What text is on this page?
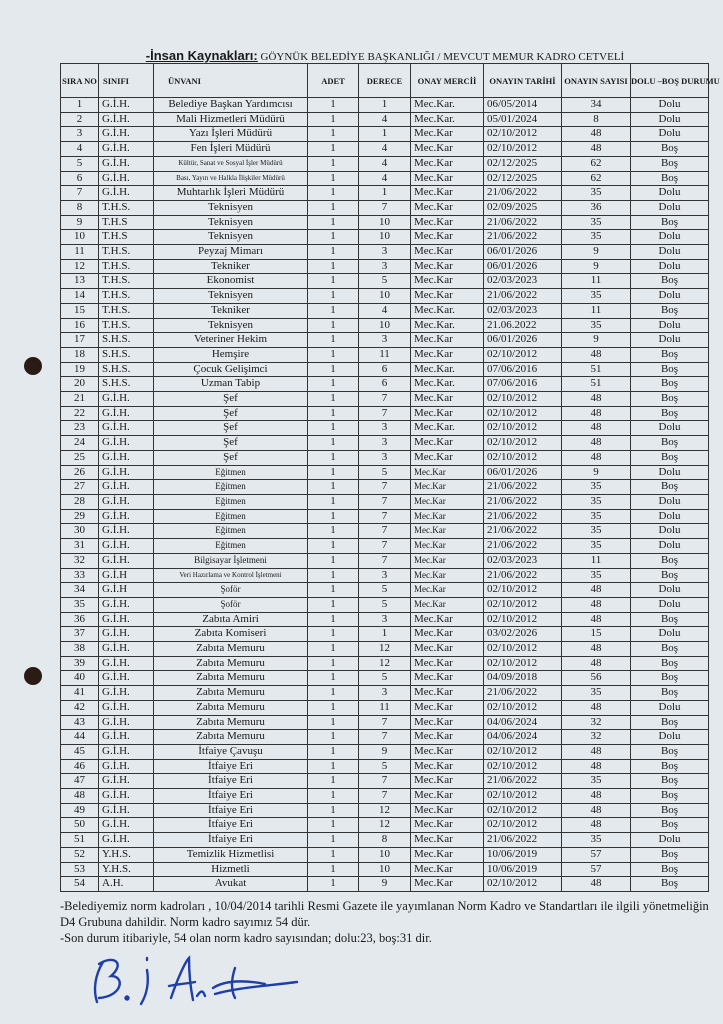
-İnsan Kaynakları: GÖYNÜK BELEDİYE BAŞKANLIĞI / MEVCUT MEMUR KADRO CETVELİ
SIRA NO	SINIFI	ÜNVANI	ADET	DERECE	ONAY MERCİİ	ONAYIN TARİHİ	ONAYIN SAYISI	DOLU –BOŞ DURUMU
1	G.İ.H.	Belediye Başkan Yardımcısı	1	1	Mec.Kar.	06/05/2014	34	Dolu
2	G.İ.H.	Mali Hizmetleri Müdürü	1	4	Mec.Kar.	05/01/2024	8	Dolu
3	G.İ.H.	Yazı İşleri Müdürü	1	1	Mec.Kar	02/10/2012	48	Dolu
4	G.İ.H.	Fen İşleri Müdürü	1	4	Mec.Kar	02/10/2012	48	Boş
5	G.İ.H.	Kültür, Sanat ve Sosyal İşler Müdürü	1	4	Mec.Kar	02/12/2025	62	Boş
6	G.İ.H.	Bası, Yayın ve Halkla İlişkiler Müdürü	1	4	Mec.Kar	02/12/2025	62	Boş
7	G.İ.H.	Muhtarlık İşleri Müdürü	1	1	Mec.Kar	21/06/2022	35	Dolu
8	T.H.S.	Teknisyen	1	7	Mec.Kar	02/09/2025	36	Dolu
9	T.H.S	Teknisyen	1	10	Mec.Kar	21/06/2022	35	Boş
10	T.H.S	Teknisyen	1	10	Mec.Kar	21/06/2022	35	Dolu
11	T.H.S.	Peyzaj Mimarı	1	3	Mec.Kar	06/01/2026	9	Dolu
12	T.H.S.	Tekniker	1	3	Mec.Kar	06/01/2026	9	Dolu
13	T.H.S.	Ekonomist	1	5	Mec.Kar	02/03/2023	11	Boş
14	T.H.S.	Teknisyen	1	10	Mec.Kar	21/06/2022	35	Dolu
15	T.H.S.	Tekniker	1	4	Mec.Kar.	02/03/2023	11	Boş
16	T.H.S.	Teknisyen	1	10	Mec.Kar.	21.06.2022	35	Dolu
17	S.H.S.	Veteriner Hekim	1	3	Mec.Kar	06/01/2026	9	Dolu
18	S.H.S.	Hemşire	1	11	Mec.Kar	02/10/2012	48	Boş
19	S.H.S.	Çocuk Gelişimci	1	6	Mec.Kar.	07/06/2016	51	Boş
20	S.H.S.	Uzman Tabip	1	6	Mec.Kar.	07/06/2016	51	Boş
21	G.İ.H.	Şef	1	7	Mec.Kar	02/10/2012	48	Boş
22	G.İ.H.	Şef	1	7	Mec.Kar	02/10/2012	48	Boş
23	G.İ.H.	Şef	1	3	Mec.Kar.	02/10/2012	48	Dolu
24	G.İ.H.	Şef	1	3	Mec.Kar	02/10/2012	48	Boş
25	G.İ.H.	Şef	1	3	Mec.Kar	02/10/2012	48	Boş
26	G.İ.H.	Eğitmen	1	5	Mec.Kar	06/01/2026	9	Dolu
27	G.İ.H.	Eğitmen	1	7	Mec.Kar	21/06/2022	35	Boş
28	G.İ.H.	Eğitmen	1	7	Mec.Kar	21/06/2022	35	Dolu
29	G.İ.H.	Eğitmen	1	7	Mec.Kar	21/06/2022	35	Dolu
30	G.İ.H.	Eğitmen	1	7	Mec.Kar	21/06/2022	35	Dolu
31	G.İ.H.	Eğitmen	1	7	Mec.Kar	21/06/2022	35	Dolu
32	G.İ.H.	Bilgisayar İşletmeni	1	7	Mec.Kar	02/03/2023	11	Boş
33	G.İ.H	Veri Hazırlama ve Kontrol İşletmeni	1	3	Mec.Kar	21/06/2022	35	Boş
34	G.İ.H	Şoför	1	5	Mec.Kar	02/10/2012	48	Dolu
35	G.İ.H.	Şoför	1	5	Mec.Kar	02/10/2012	48	Dolu
36	G.İ.H.	Zabıta Amiri	1	3	Mec.Kar	02/10/2012	48	Boş
37	G.İ.H.	Zabıta Komiseri	1	1	Mec.Kar	03/02/2026	15	Dolu
38	G.İ.H.	Zabıta Memuru	1	12	Mec.Kar	02/10/2012	48	Boş
39	G.İ.H.	Zabıta Memuru	1	12	Mec.Kar	02/10/2012	48	Boş
40	G.İ.H.	Zabıta Memuru	1	5	Mec.Kar	04/09/2018	56	Boş
41	G.İ.H.	Zabıta Memuru	1	3	Mec.Kar	21/06/2022	35	Boş
42	G.İ.H.	Zabıta Memuru	1	11	Mec.Kar	02/10/2012	48	Dolu
43	G.İ.H.	Zabıta Memuru	1	7	Mec.Kar	04/06/2024	32	Boş
44	G.İ.H.	Zabıta Memuru	1	7	Mec.Kar	04/06/2024	32	Dolu
45	G.İ.H.	İtfaiye Çavuşu	1	9	Mec.Kar	02/10/2012	48	Boş
46	G.İ.H.	İtfaiye Eri	1	5	Mec.Kar	02/10/2012	48	Boş
47	G.İ.H.	İtfaiye Eri	1	7	Mec.Kar	21/06/2022	35	Boş
48	G.İ.H.	İtfaiye Eri	1	7	Mec.Kar	02/10/2012	48	Boş
49	G.İ.H.	İtfaiye Eri	1	12	Mec.Kar	02/10/2012	48	Boş
50	G.İ.H.	İtfaiye Eri	1	12	Mec.Kar	02/10/2012	48	Boş
51	G.İ.H.	İtfaiye Eri	1	8	Mec.Kar	21/06/2022	35	Dolu
52	Y.H.S.	Temizlik Hizmetlisi	1	10	Mec.Kar	10/06/2019	57	Boş
53	Y.H.S.	Hizmetli	1	10	Mec.Kar	10/06/2019	57	Boş
54	A.H.	Avukat	1	9	Mec.Kar	02/10/2012	48	Boş
-Belediyemiz norm kadroları , 10/04/2014 tarihli Resmi Gazete ile yayımlanan Norm Kadro ve Standartları ile ilgili yönetmeliğin D4 Grubuna dahildir. Norm kadro sayımız 54 dür.
-Son durum itibariyle, 54 olan norm kadro sayısından; dolu:23, boş:31 dir.
